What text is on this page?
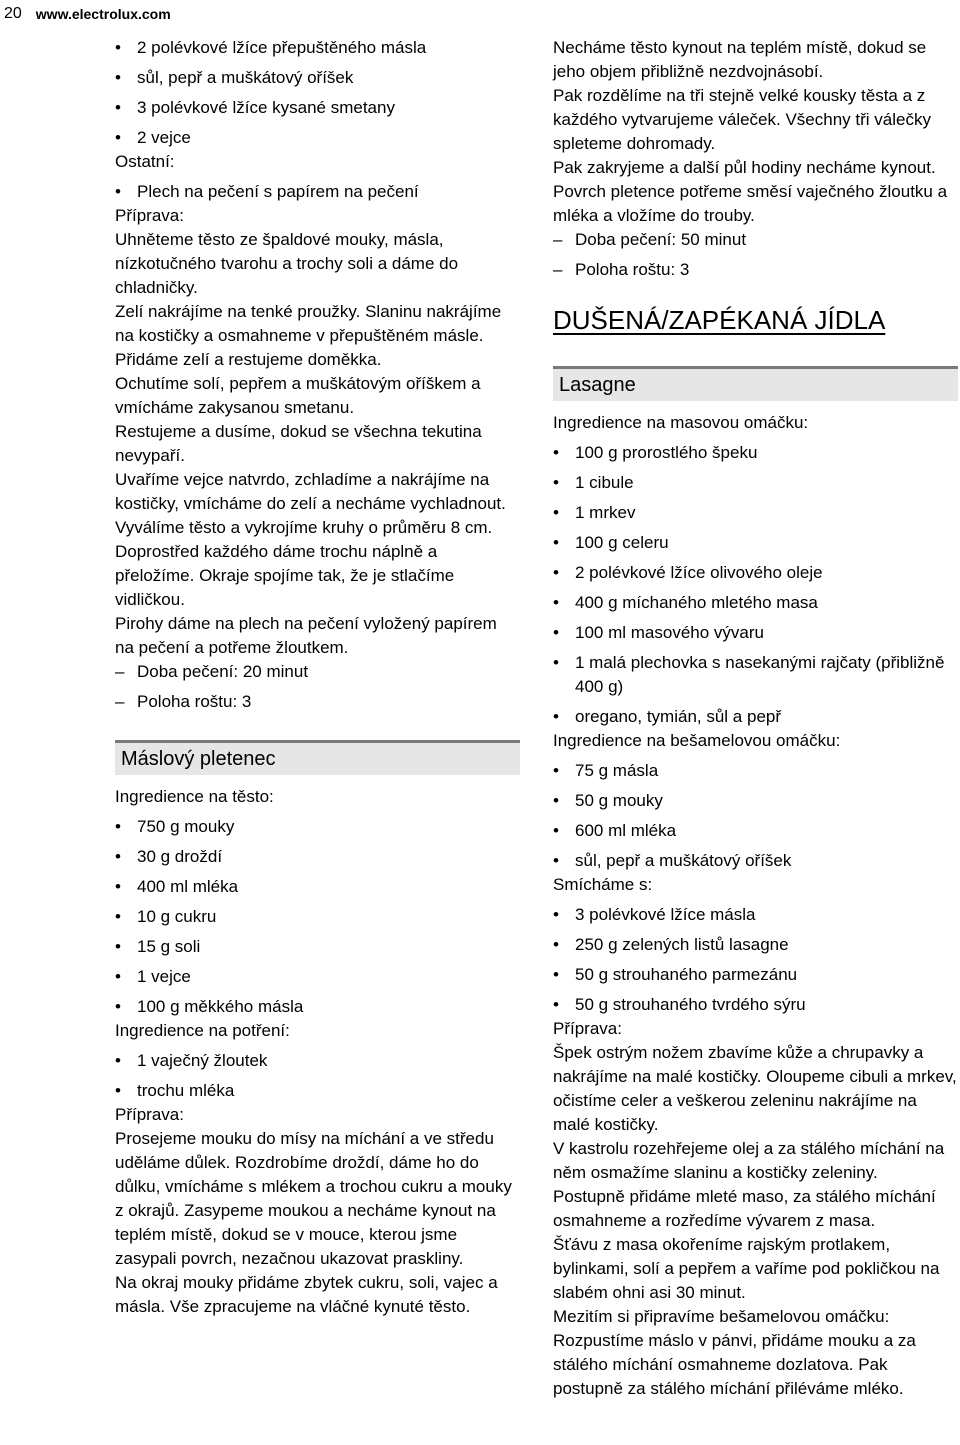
20 www.electrolux.com
• 2 polévkové lžíce přepuštěného másla
• sůl, pepř a muškátový oříšek
• 3 polévkové lžíce kysané smetany
• 2 vejce

Ostatní:

• Plech na pečení s papírem na pečení

Příprava:

Uhněteme těsto ze špaldové mouky, másla, nízkotučného tvarohu a trochy soli a dáme do chladničky.

Zelí nakrájíme na tenké proužky. Slaninu nakrájíme na kostičky a osmahneme v přepuštěném másle. Přidáme zelí a restujeme doměkka.

Ochutíme solí, pepřem a muškátovým oříškem a vmícháme zakysanou smetanu.

Restujeme a dusíme, dokud se všechna tekutina nevypaří.

Uvaříme vejce natvrdo, zchladíme a nakrájíme na kostičky, vmícháme do zelí a necháme vychladnout.

Vyválíme těsto a vykrojíme kruhy o průměru 8 cm.

Doprostřed každého dáme trochu náplně a přeložíme. Okraje spojíme tak, že je stlačíme vidličkou.

Pirohy dáme na plech na pečení vyložený papírem na pečení a potřeme žloutkem.

– Doba pečení: 20 minut
– Poloha roštu: 3
Máslový pletenec

Ingredience na těsto:

• 750 g mouky
• 30 g droždí
• 400 ml mléka
• 10 g cukru
• 15 g soli
• 1 vejce
• 100 g měkkého másla

Ingredience na potření:

• 1 vaječný žloutek
• trochu mléka

Příprava:

Prosejeme mouku do mísy na míchání a ve středu uděláme důlek. Rozdrobíme droždí, dáme ho do důlku, vmícháme s mlékem a trochou cukru a mouky z okrajů. Zasypeme moukou a necháme kynout na teplém místě, dokud se v mouce, kterou jsme zasypali povrch, nezačnou ukazovat praskliny.

Na okraj mouky přidáme zbytek cukru, soli, vajec a másla. Vše zpracujeme na vláčné kynuté těsto.

Necháme těsto kynout na teplém místě, dokud se jeho objem přibližně nezdvojnásobí.

Pak rozdělíme na tři stejně velké kousky těsta a z každého vytvarujeme váleček. Všechny tři válečky spleteme dohromady.

Pak zakryjeme a další půl hodiny necháme kynout. Povrch pletence potřeme směsí vaječného žloutku a mléka a vložíme do trouby.

– Doba pečení: 50 minut
– Poloha roštu: 3
DUŠENÁ/ZAPÉKANÁ JÍDLA
Lasagne

Ingredience na masovou omáčku:

• 100 g prorostlého špeku
• 1 cibule
• 1 mrkev
• 100 g celeru
• 2 polévkové lžíce olivového oleje
• 400 g míchaného mletého masa
• 100 ml masového vývaru
• 1 malá plechovka s nasekanými rajčaty (přibližně 400 g)
• oregano, tymián, sůl a pepř

Ingredience na bešamelovou omáčku:

• 75 g másla
• 50 g mouky
• 600 ml mléka
• sůl, pepř a muškátový oříšek

Smícháme s:

• 3 polévkové lžíce másla
• 250 g zelených listů lasagne
• 50 g strouhaného parmezánu
• 50 g strouhaného tvrdého sýru

Příprava:

Špek ostrým nožem zbavíme kůže a chrupavky a nakrájíme na malé kostičky. Oloupeme cibuli a mrkev, očistíme celer a veškerou zeleninu nakrájíme na malé kostičky.

V kastrolu rozehřejeme olej a za stálého míchání na něm osmažíme slaninu a kostičky zeleniny.

Postupně přidáme mleté maso, za stálého míchání osmahneme a rozředíme vývarem z masa.

Šťávu z masa okořeníme rajským protlakem, bylinkami, solí a pepřem a vaříme pod pokličkou na slabém ohni asi 30 minut.

Mezitím si připravíme bešamelovou omáčku: Rozpustíme máslo v pánvi, přidáme mouku a za stálého míchání osmahneme dozlatova. Pak postupně za stálého míchání přiléváme mléko.
